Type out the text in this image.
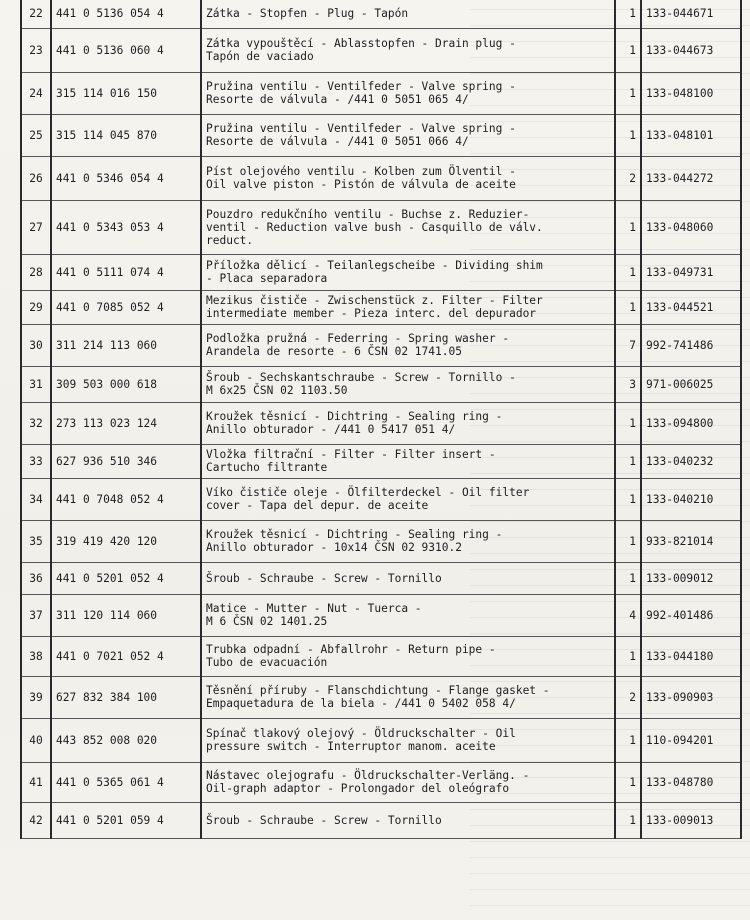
22	441 0 5136 054 4	Zátka - Stopfen - Plug - Tapón	1	133-044671
23	441 0 5136 060 4	Zátka vypouštěcí - Ablasstopfen - Drain plug -
Tapón de vaciado	1	133-044673
24	315 114 016 150	Pružina ventilu - Ventilfeder - Valve spring -
Resorte de válvula - /441 0 5051 065 4/	1	133-048100
25	315 114 045 870	Pružina ventilu - Ventilfeder - Valve spring -
Resorte de válvula - /441 0 5051 066 4/	1	133-048101
26	441 0 5346 054 4	Píst olejového ventilu - Kolben zum Ölventil -
Oil valve piston - Pistón de válvula de aceite	2	133-044272
27	441 0 5343 053 4	Pouzdro redukčního ventilu - Buchse z. Reduzier-
ventil - Reduction valve bush - Casquillo de válv.
reduct.	1	133-048060
28	441 0 5111 074 4	Příložka dělicí - Teilanlegscheibe - Dividing shim
- Placa separadora	1	133-049731
29	441 0 7085 052 4	Mezikus čističe - Zwischenstück z. Filter - Filter
intermediate member - Pieza interc. del depurador	1	133-044521
30	311 214 113 060	Podložka pružná - Federring - Spring washer -
Arandela de resorte - 6 ČSN 02 1741.05	7	992-741486
31	309 503 000 618	Šroub - Sechskantschraube - Screw - Tornillo -
M 6x25 ČSN 02 1103.50	3	971-006025
32	273 113 023 124	Kroužek těsnicí - Dichtring - Sealing ring -
Anillo obturador - /441 0 5417 051 4/	1	133-094800
33	627 936 510 346	Vložka filtrační - Filter - Filter insert -
Cartucho filtrante	1	133-040232
34	441 0 7048 052 4	Víko čističe oleje - Ölfilterdeckel - Oil filter
cover - Tapa del depur. de aceite	1	133-040210
35	319 419 420 120	Kroužek těsnicí - Dichtring - Sealing ring -
Anillo obturador - 10x14 ČSN 02 9310.2	1	933-821014
36	441 0 5201 052 4	Šroub - Schraube - Screw - Tornillo	1	133-009012
37	311 120 114 060	Matice - Mutter - Nut - Tuerca -
M 6 ČSN 02 1401.25	4	992-401486
38	441 0 7021 052 4	Trubka odpadní - Abfallrohr - Return pipe -
Tubo de evacuación	1	133-044180
39	627 832 384 100	Těsnění příruby - Flanschdichtung - Flange gasket -
Empaquetadura de la biela - /441 0 5402 058 4/	2	133-090903
40	443 852 008 020	Spínač tlakový olejový - Öldruckschalter - Oil
pressure switch - Interruptor manom. aceite	1	110-094201
41	441 0 5365 061 4	Nástavec olejografu - Öldruckschalter-Verläng. -
Oil-graph adaptor - Prolongador del oleógrafo	1	133-048780
42	441 0 5201 059 4	Šroub - Schraube - Screw - Tornillo	1	133-009013
